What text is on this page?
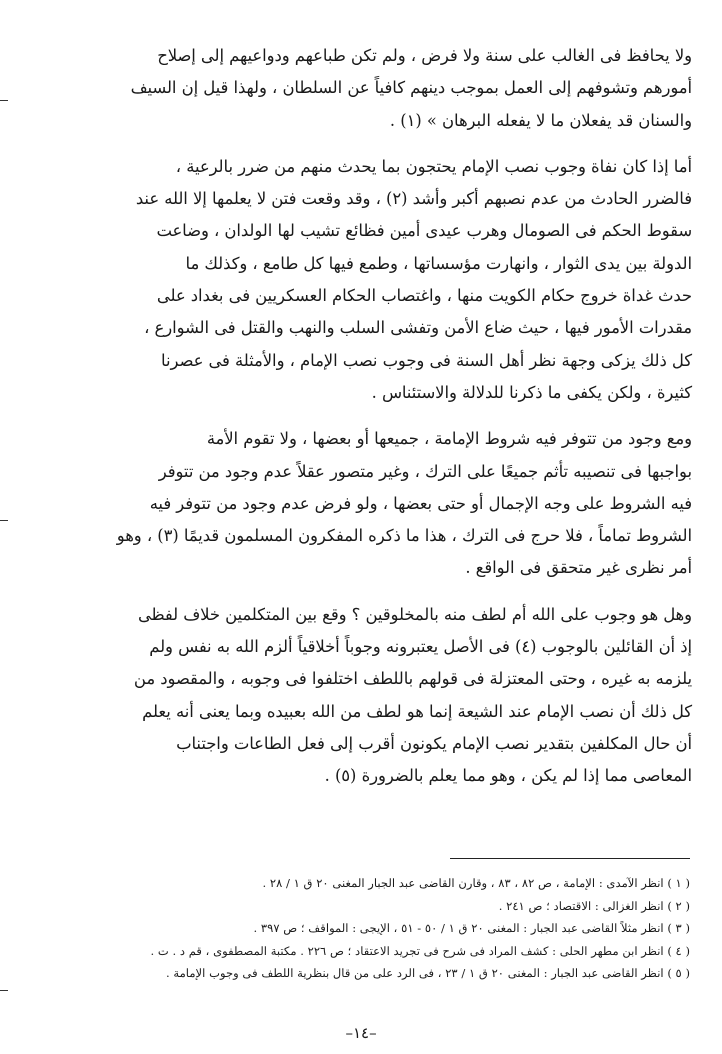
ولا يحافظ فى الغالب على سنة ولا فرض ، ولم تكن طباعهم ودواعيهم إلى إصلاح

أمورهم وتشوفهم إلى العمل بموجب دينهم كافياً عن السلطان ، ولهذا قيل إن السيف

والسنان قد يفعلان ما لا يفعله البرهان » (١) .

أما إذا كان نفاة وجوب نصب الإمام يحتجون بما يحدث منهم من ضرر بالرعية ،

فالضرر الحادث من عدم نصبهم أكبر وأشد (٢) ، وقد وقعت فتن لا يعلمها إلا الله عند

سقوط الحكم فى الصومال وهرب عيدى أمين فظائع تشيب لها الولدان ، وضاعت

الدولة بين يدى الثوار ، وانهارت مؤسساتها ، وطمع فيها كل طامع ، وكذلك ما

حدث غداة خروج حكام الكويت منها ، واغتصاب الحكام العسكريين فى بغداد على

مقدرات الأمور فيها ، حيث ضاع الأمن وتفشى السلب والنهب والقتل فى الشوارع ،

كل ذلك يزكى وجهة نظر أهل السنة فى وجوب نصب الإمام ، والأمثلة فى عصرنا

كثيرة ، ولكن يكفى ما ذكرنا للدلالة والاستئناس .

ومع وجود من تتوفر فيه شروط الإمامة ، جميعها أو بعضها ، ولا تقوم الأمة

بواجبها فى تنصيبه تأثم جميعًا على الترك ، وغير متصور عقلاً عدم وجود من تتوفر

فيه الشروط على وجه الإجمال أو حتى بعضها ، ولو فرض عدم وجود من تتوفر فيه

الشروط تماماً ، فلا حرج فى الترك ، هذا ما ذكره المفكرون المسلمون قديمًا (٣) ، وهو

أمر نظرى غير متحقق فى الواقع .

وهل هو وجوب على الله أم لطف منه بالمخلوقين ؟ وقع بين المتكلمين خلاف لفظى

إذ أن القائلين بالوجوب (٤) فى الأصل يعتبرونه وجوباً أخلاقياً ألزم الله به نفس ولم

يلزمه به غيره ، وحتى المعتزلة فى قولهم باللطف اختلفوا فى وجوبه ، والمقصود من

كل ذلك أن نصب الإمام عند الشيعة إنما هو لطف من الله بعبيده وبما يعنى أنه يعلم

أن حال المكلفين بتقدير نصب الإمام يكونون أقرب إلى فعل الطاعات واجتناب

المعاصى مما إذا لم يكن ، وهو مما يعلم بالضرورة (٥) .

( ١ ) انظر الآمدى : الإمامة ، ص ٨٢ ، ٨٣ ، وقارن القاضى عبد الجبار المغنى ٢٠ ق ١ / ٢٨ .
( ٢ ) انظر الغزالى : الاقتصاد ؛ ص ٢٤١ .
( ٣ ) انظر مثلاً القاضى عبد الجبار : المغنى ٢٠ ق ١ / ٥٠ - ٥١ ، الإيجى : المواقف ؛ ص ٣٩٧ .
( ٤ ) انظر ابن مطهر الحلى : كشف المراد فى شرح فى تجريد الاعتقاد ؛ ص ٢٢٦ . مكتبة المصطفوى ، قم د . ت .
( ٥ ) انظر القاضى عبد الجبار : المغنى ٢٠ ق ١ / ٢٣ ، فى الرد على من قال بنظرية اللطف فى وجوب الإمامة .
–١٤–
